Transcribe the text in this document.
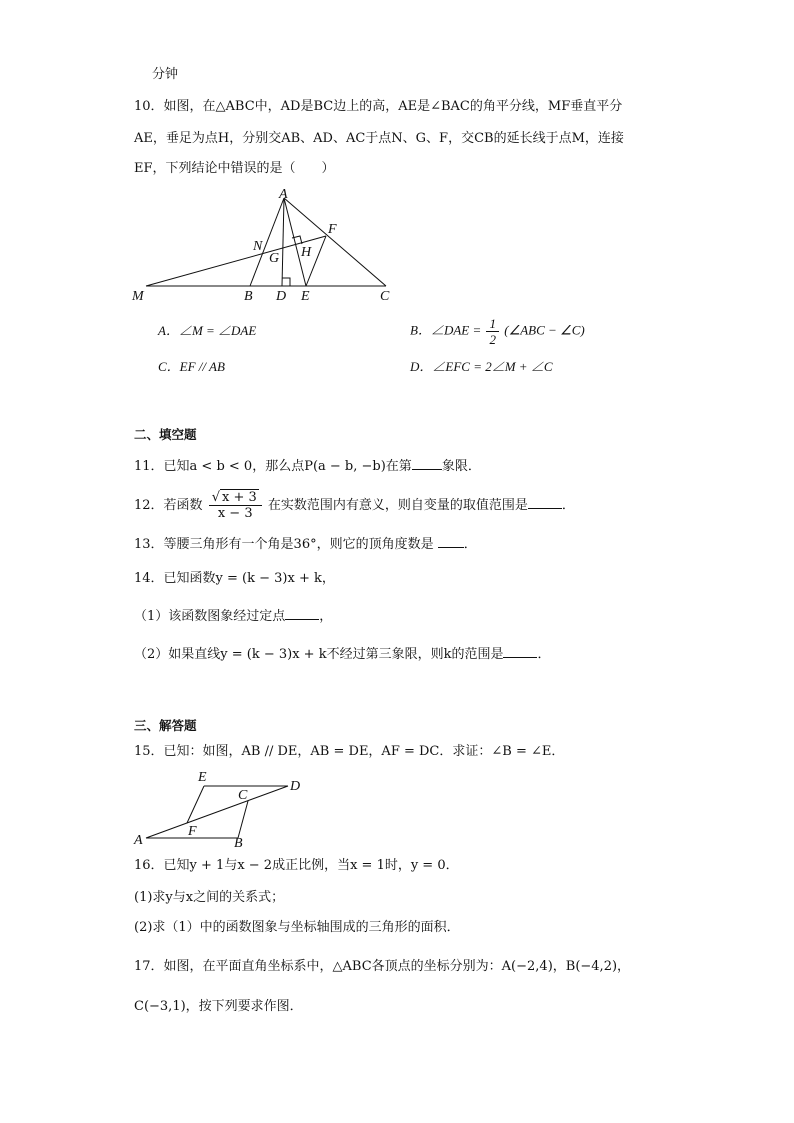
分钟
10．如图，在△ABC中，AD是BC边上的高，AE是∠BAC的角平分线，MF垂直平分
AE，垂足为点H，分别交AB、AD、AC于点N、G、F，交CB的延长线于点M，连接
EF，下列结论中错误的是（　　）
A
N
F
G H
M	B D E	C
A．∠M = ∠DAE	B．∠DAE = $\frac{1}{2}$ (∠ABC − ∠C)
C．EF // AB	D．∠EFC = 2∠M + ∠C
二、填空题
11．已知a < b < 0，那么点P(a − b, −b)在第 象限．
12．若函数 $\frac{√ x + 3}{x - 3}$ 在实数范围内有意义，则自变量的取值范围是	．
13．等腰三角形有一个角是36°，则它的顶角度数是 ．
14．已知函数y = (k − 3)x + k，
（1）该函数图象经过定点	，
（2）如果直线y = (k − 3)x + k不经过第三象限，则k的范围是	．
三、解答题
15．已知：如图，AB // DE，AB = DE，AF = DC．求证：∠B = ∠E．
E
C
D
F
A	B
16．已知y + 1与x − 2成正比例，当x = 1时，y = 0．
(1)求y与x之间的关系式；
(2)求（1）中的函数图象与坐标轴围成的三角形的面积．
17．如图，在平面直角坐标系中，△ABC各顶点的坐标分别为：A(−2,4)，B(−4,2)，
C(−3,1)，按下列要求作图．
